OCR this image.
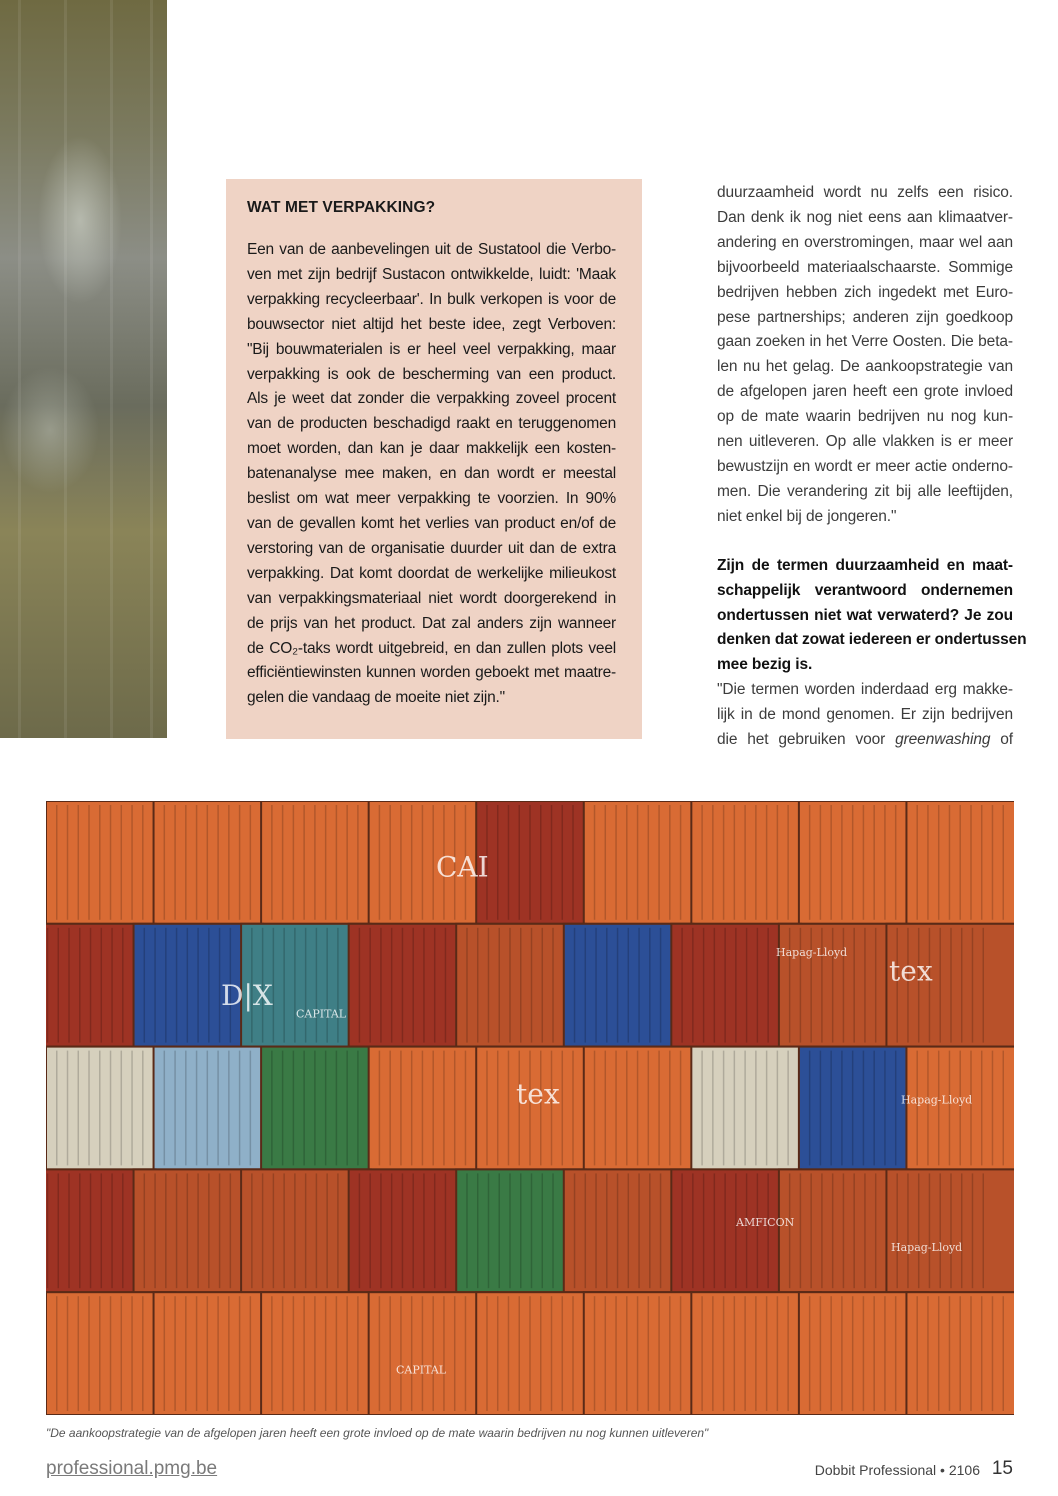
WAT MET VERPAKKING?
Een van de aanbevelingen uit de Sustatool die Verbo-
ven met zijn bedrijf Sustacon ontwikkelde, luidt: 'Maak
verpakking recycleerbaar'. In bulk verkopen is voor de
bouwsector niet altijd het beste idee, zegt Verboven:
"Bij bouwmaterialen is er heel veel verpakking, maar
verpakking is ook de bescherming van een product.
Als je weet dat zonder die verpakking zoveel procent
van de producten beschadigd raakt en teruggenomen
moet worden, dan kan je daar makkelijk een kosten-
batenanalyse mee maken, en dan wordt er meestal
beslist om wat meer verpakking te voorzien. In 90%
van de gevallen komt het verlies van product en/of de
verstoring van de organisatie duurder uit dan de extra
verpakking. Dat komt doordat de werkelijke milieukost
van verpakkingsmateriaal niet wordt doorgerekend in
de prijs van het product. Dat zal anders zijn wanneer
de CO₂-taks wordt uitgebreid, en dan zullen plots veel
efficiëntiewinsten kunnen worden geboekt met maatre-
gelen die vandaag de moeite niet zijn."
duurzaamheid wordt nu zelfs een risico.
Dan denk ik nog niet eens aan klimaatver-
andering en overstromingen, maar wel aan
bijvoorbeeld materiaalschaarste. Sommige
bedrijven hebben zich ingedekt met Euro-
pese partnerships; anderen zijn goedkoop
gaan zoeken in het Verre Oosten. Die beta-
len nu het gelag. De aankoopstrategie van
de afgelopen jaren heeft een grote invloed
op de mate waarin bedrijven nu nog kun-
nen uitleveren. Op alle vlakken is er meer
bewustzijn en wordt er meer actie onderno-
men. Die verandering zit bij alle leeftijden,
niet enkel bij de jongeren."
Zijn de termen duurzaamheid en maat-
schappelijk verantwoord ondernemen
ondertussen niet wat verwaterd? Je zou
denken dat zowat iedereen er ondertussen
mee bezig is.
"Die termen worden inderdaad erg makke-
lijk in de mond genomen. Er zijn bedrijven
die het gebruiken voor greenwashing of
tex
tex
CAI
CAPITAL
CAPITAL
AMFICON
Hapag-Lloyd
Hapag-Lloyd
Hapag-Lloyd
D|X
"De aankoopstrategie van de afgelopen jaren heeft een grote invloed op de mate waarin bedrijven nu nog kunnen uitleveren"
professional.pmg.be	Dobbit Professional • 2106 15
